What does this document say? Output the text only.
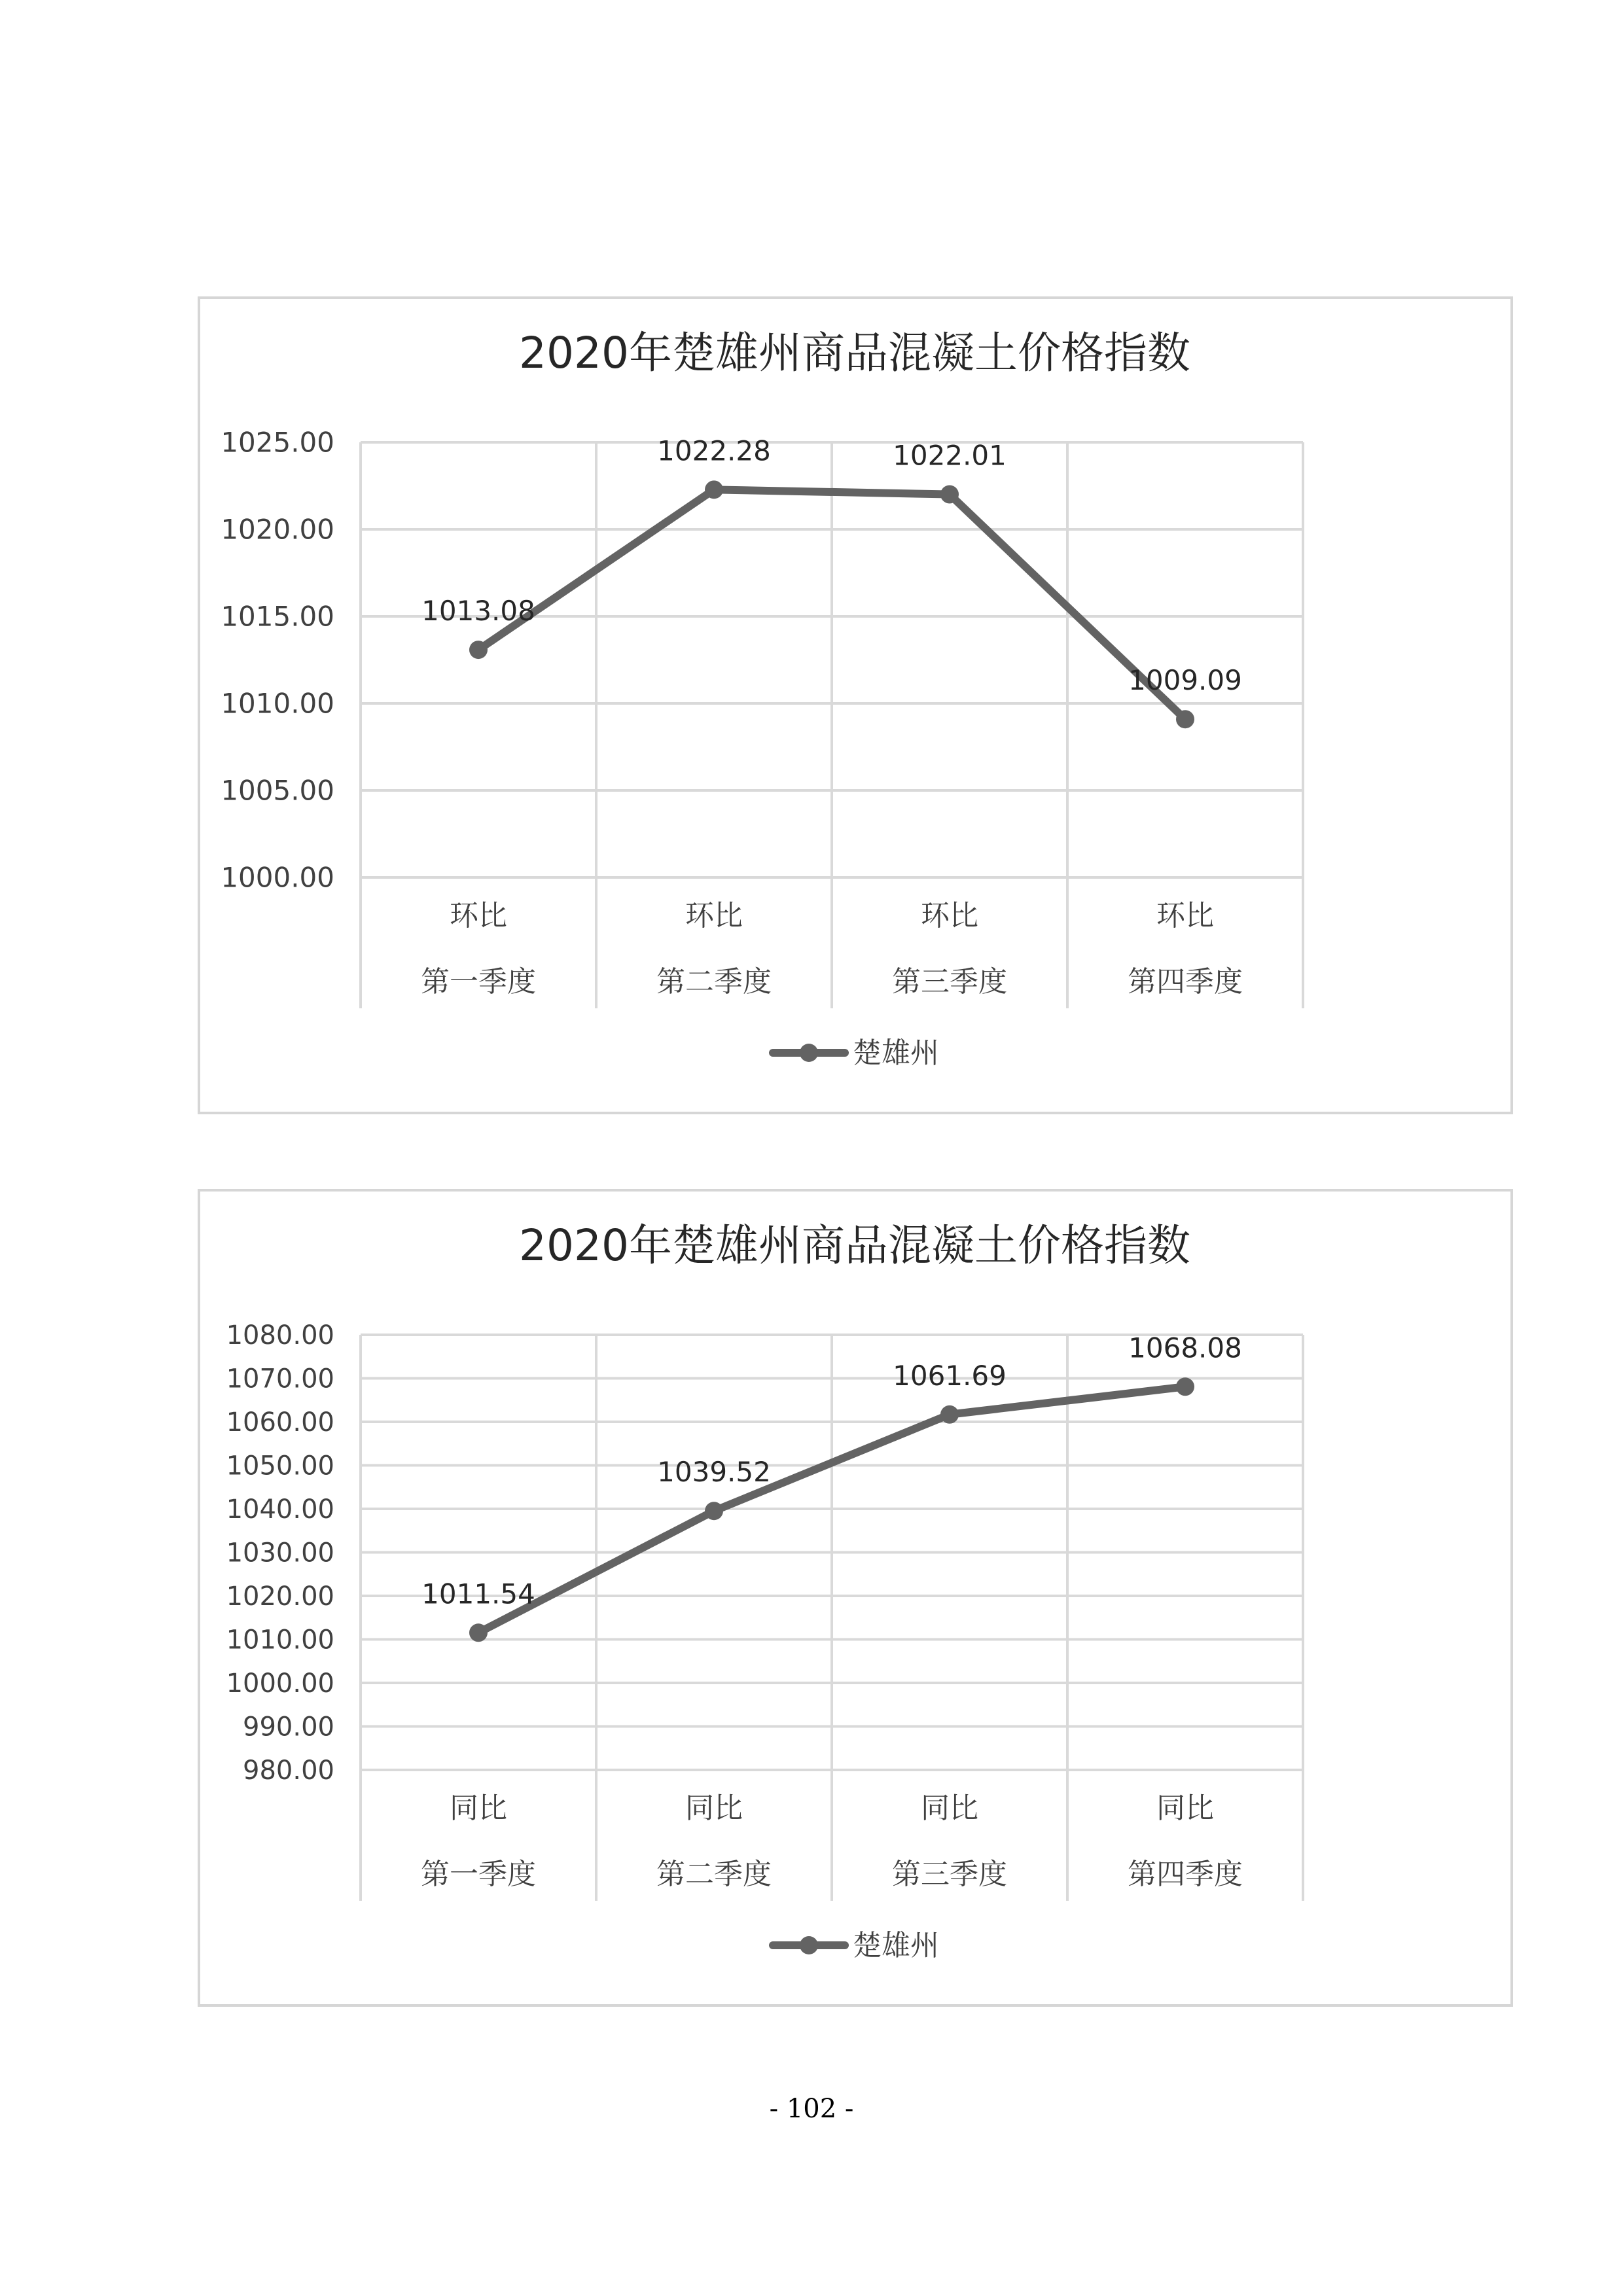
2020年楚雄州商品混凝土价格指数
1000.00
1005.00
1010.00
1015.00
1020.00
1025.00
环比
第一季度
环比
第二季度
环比
第三季度
环比
第四季度
1013.08
1022.28	1022.01
1009.09
楚雄州
2020年楚雄州商品混凝土价格指数
980.00
990.00
1000.00
1010.00
1020.00
1030.00
1040.00
1050.00
1060.00
1070.00
1080.00
同比
第一季度
同比
第二季度
同比
第三季度
同比
第四季度
1011.54
1039.52
1061.69
1068.08
楚雄州
- 102 -
